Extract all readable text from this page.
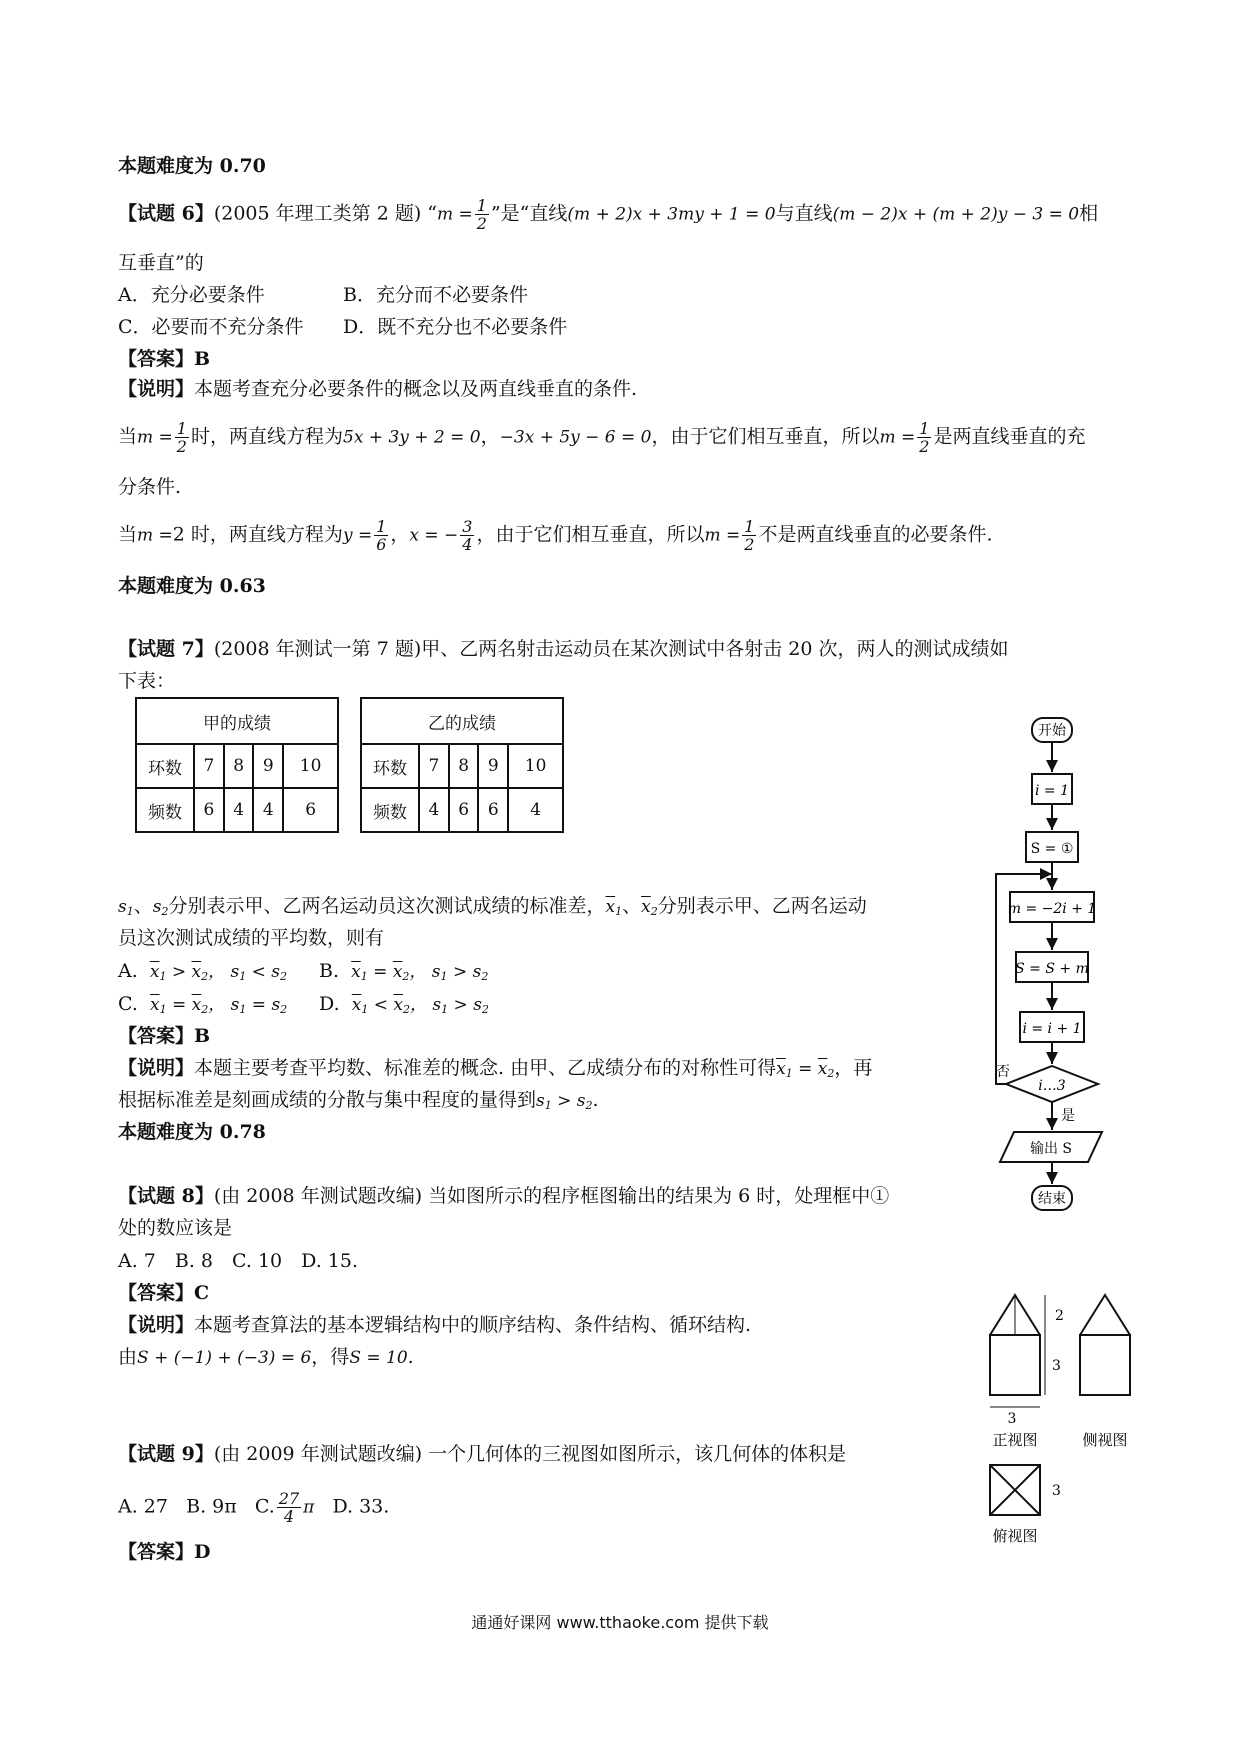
本题难度为 0.70
【试题 6】(2005 年理工类第 2 题) “$m = \frac{1}{2}$ ”是“直线(m + 2)x + 3my + 1 = 0与直线(m − 2)x + (m + 2)y − 3 = 0相
互垂直”的
A．充分必要条件	B．充分而不必要条件
C．必要而不充分条件 D．既不充分也不必要条件
【答案】B
【说明】本题考查充分必要条件的概念以及两直线垂直的条件.
当$m = \frac{1}{2}$ 时，两直线方程为5x + 3y + 2 = 0，−3x + 5y − 6 = 0，由于它们相互垂直，所以$m = \frac{1}{2}$ 是两直线垂直的充
分条件.
当m =2 时，两直线方程为$y = \frac{1}{6}$ ，x = − $\frac{3}{4}$ ，由于它们相互垂直，所以$m = \frac{1}{2}$ 不是两直线垂直的必要条件.
本题难度为 0.63
【试题 7】(2008 年测试一第 7 题)甲、乙两名射击运动员在某次测试中各射击 20 次，两人的测试成绩如
下表：
甲的成绩				
环数	7	8	9	10
频数	6	4	4	6
乙的成绩				
环数	7	8	9	10
频数	4	6	6	4
$s_1$、$s_2$分别表示甲、乙两名运动员这次测试成绩的标准差，$\overline{x}_1$、$\overline{x}_2$分别表示甲、乙两名运动
员这次测试成绩的平均数，则有
A. $\overline{x}_1 > \overline{x}_2$， $s_1 < s_2$ B. $\overline{x}_1 = \overline{x}_2$， $s_1 > s_2$
C. $\overline{x}_1 = \overline{x}_2$， $s_1 = s_2$ D. $\overline{x}_1 < \overline{x}_2$， $s_1 > s_2$
【答案】B
【说明】本题主要考查平均数、标准差的概念. 由甲、乙成绩分布的对称性可得$\overline{x}_1 = \overline{x}_2$，再
根据标准差是刻画成绩的分散与集中程度的量得到$s_1 > s_2$.
本题难度为 0.78
【试题 8】(由 2008 年测试题改编) 当如图所示的程序框图输出的结果为 6 时，处理框中①
处的数应该是
A. 7　B. 8　C. 10　D. 15.
【答案】C
【说明】本题考查算法的基本逻辑结构中的顺序结构、条件结构、循环结构.
由S + (−1) + (−3) = 6，得S = 10.
【试题 9】(由 2009 年测试题改编) 一个几何体的三视图如图所示，该几何体的体积是
A. 27 B. 9π C. $\frac{27}{4}$ π D. 33.
【答案】D
开始
i = 1
S = ①
m = −2i + 1
S = S + m
i = i + 1
i…3
否
是
输出 S
结束
2
3
3
正视图	侧视图
3
俯视图
通通好课网 www.tthaoke.com 提供下载
